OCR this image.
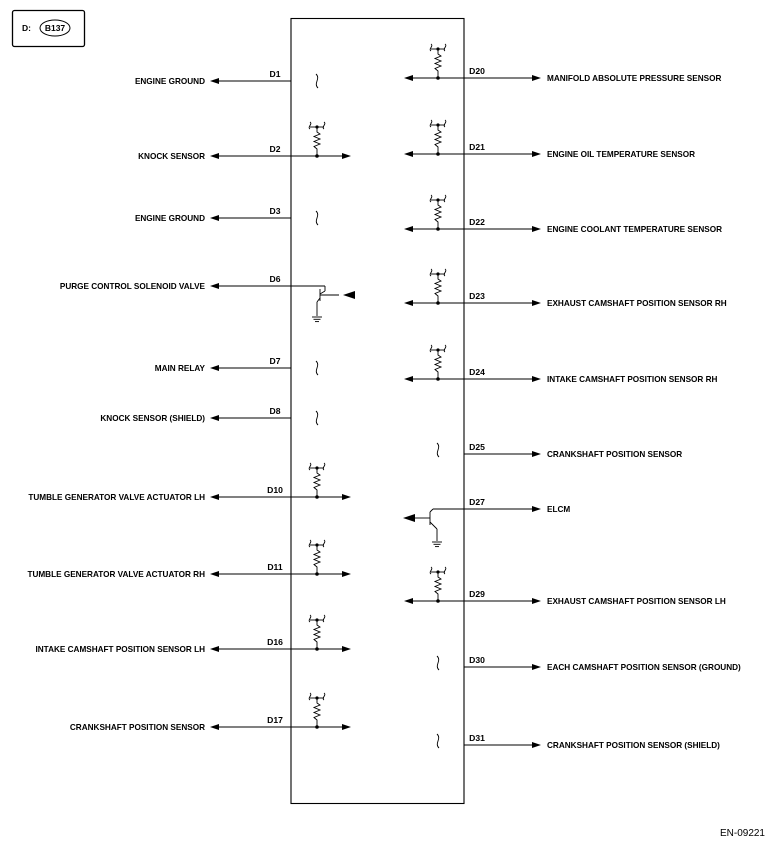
D: B137
ENGINE GROUND
D1
KNOCK SENSOR
D2
ENGINE GROUND
D3
PURGE CONTROL SOLENOID VALVE
D6
MAIN RELAY
D7
KNOCK SENSOR (SHIELD)
D8
TUMBLE GENERATOR VALVE ACTUATOR LH
D10
TUMBLE GENERATOR VALVE ACTUATOR RH
D11
INTAKE CAMSHAFT POSITION SENSOR LH
D16
CRANKSHAFT POSITION SENSOR
D17
MANIFOLD ABSOLUTE PRESSURE SENSOR
D20
ENGINE OIL TEMPERATURE SENSOR
D21
ENGINE COOLANT TEMPERATURE SENSOR
D22
EXHAUST CAMSHAFT POSITION SENSOR RH
D23
INTAKE CAMSHAFT POSITION SENSOR RH
D24
CRANKSHAFT POSITION SENSOR
D25
ELCM
D27
EXHAUST CAMSHAFT POSITION SENSOR LH
D29
EACH CAMSHAFT POSITION SENSOR (GROUND)
D30
CRANKSHAFT POSITION SENSOR (SHIELD)
D31
EN-09221
